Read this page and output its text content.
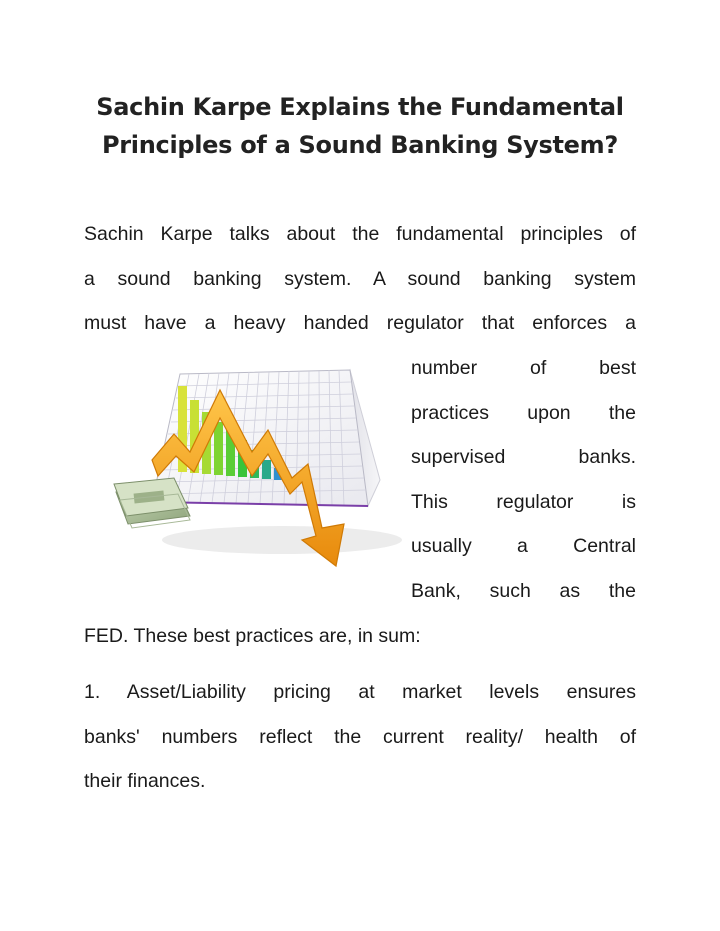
Sachin Karpe Explains the Fundamental
Principles of a Sound Banking System?
Sachin Karpe talks about the fundamental principles of
a sound banking system. A sound banking system
must have a heavy handed regulator that enforces a
number of best
practices upon the
supervised banks.
This regulator is
usually a Central
Bank, such as the
FED. These best practices are, in sum:
1. Asset/Liability pricing at market levels ensures
banks' numbers reflect the current reality/ health of
their finances.
